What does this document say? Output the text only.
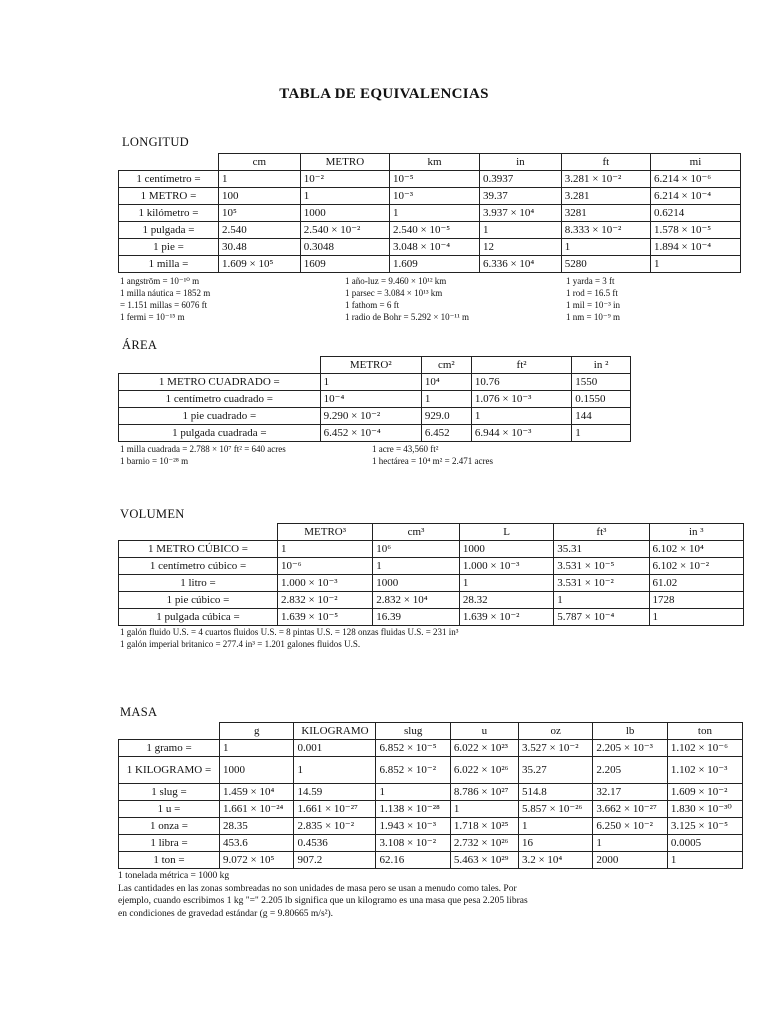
TABLA DE EQUIVALENCIAS
LONGITUD
	cm	METRO	km	in	ft	mi
1 centímetro =	1	10⁻²	10⁻⁵	0.3937	3.281 × 10⁻²	6.214 × 10⁻⁶
1 METRO =	100	1	10⁻³	39.37	3.281	6.214 × 10⁻⁴
1 kilómetro =	10⁵	1000	1	3.937 × 10⁴	3281	0.6214
1 pulgada =	2.540	2.540 × 10⁻²	2.540 × 10⁻⁵	1	8.333 × 10⁻²	1.578 × 10⁻⁵
1 pie =	30.48	0.3048	3.048 × 10⁻⁴	12	1	1.894 × 10⁻⁴
1 milla =	1.609 × 10⁵	1609	1.609	6.336 × 10⁴	5280	1
1 angstrōm = 10⁻¹⁰ m
1 milla náutica = 1852 m
= 1.151 millas = 6076 ft
1 fermi = 10⁻¹⁵ m
1 año-luz = 9.460 × 10¹² km
1 parsec = 3.084 × 10¹³ km
1 fathom = 6 ft
1 radio de Bohr = 5.292 × 10⁻¹¹ m
1 yarda = 3 ft
1 rod = 16.5 ft
1 mil = 10⁻³ in
1 nm = 10⁻⁹ m
ÁREA
	METRO²	cm²	ft²	in ²
1 METRO CUADRADO =	1	10⁴	10.76	1550
1 centímetro cuadrado =	10⁻⁴	1	1.076 × 10⁻³	0.1550
1 pie cuadrado =	9.290 × 10⁻²	929.0	1	144
1 pulgada cuadrada =	6.452 × 10⁻⁴	6.452	6.944 × 10⁻³	1
1 milla cuadrada = 2.788 × 10⁷ ft² = 640 acres
1 barnio = 10⁻²⁸ m
1 acre = 43,560 ft²
1 hectárea = 10⁴ m² = 2.471 acres
VOLUMEN
	METRO³	cm³	L	ft³	in ³
1 METRO CÚBICO =	1	10⁶	1000	35.31	6.102 × 10⁴
1 centímetro cúbico =	10⁻⁶	1	1.000 × 10⁻³	3.531 × 10⁻⁵	6.102 × 10⁻²
1 litro =	1.000 × 10⁻³	1000	1	3.531 × 10⁻²	61.02
1 pie cúbico =	2.832 × 10⁻²	2.832 × 10⁴	28.32	1	1728
1 pulgada cúbica =	1.639 × 10⁻⁵	16.39	1.639 × 10⁻²	5.787 × 10⁻⁴	1
1 galón fluido U.S. = 4 cuartos fluidos U.S. = 8 pintas U.S. = 128 onzas fluidas U.S. = 231 in³
1 galón imperial britanico = 277.4 in³ = 1.201 galones fluidos U.S.
MASA
	g	KILOGRAMO	slug	u	oz	lb	ton
1 gramo =	1	0.001	6.852 × 10⁻⁵	6.022 × 10²³	3.527 × 10⁻²	2.205 × 10⁻³	1.102 × 10⁻⁶
1 KILOGRAMO =	1000	1	6.852 × 10⁻²	6.022 × 10²⁶	35.27	2.205	1.102 × 10⁻³
1 slug =	1.459 × 10⁴	14.59	1	8.786 × 10²⁷	514.8	32.17	1.609 × 10⁻²
1 u =	1.661 × 10⁻²⁴	1.661 × 10⁻²⁷	1.138 × 10⁻²⁸	1	5.857 × 10⁻²⁶	3.662 × 10⁻²⁷	1.830 × 10⁻³⁰
1 onza =	28.35	2.835 × 10⁻²	1.943 × 10⁻³	1.718 × 10²⁵	1	6.250 × 10⁻²	3.125 × 10⁻⁵
1 libra =	453.6	0.4536	3.108 × 10⁻²	2.732 × 10²⁶	16	1	0.0005
1 ton =	9.072 × 10⁵	907.2	62.16	5.463 × 10²⁹	3.2 × 10⁴	2000	1
1 tonelada métrica = 1000 kg
Las cantidades en las zonas sombreadas no son unidades de masa pero se usan a menudo como tales. Por
ejemplo, cuando escribimos 1 kg "=" 2.205 lb significa que un kilogramo es una masa que pesa 2.205 libras
en condiciones de gravedad estándar (g = 9.80665 m/s²).
